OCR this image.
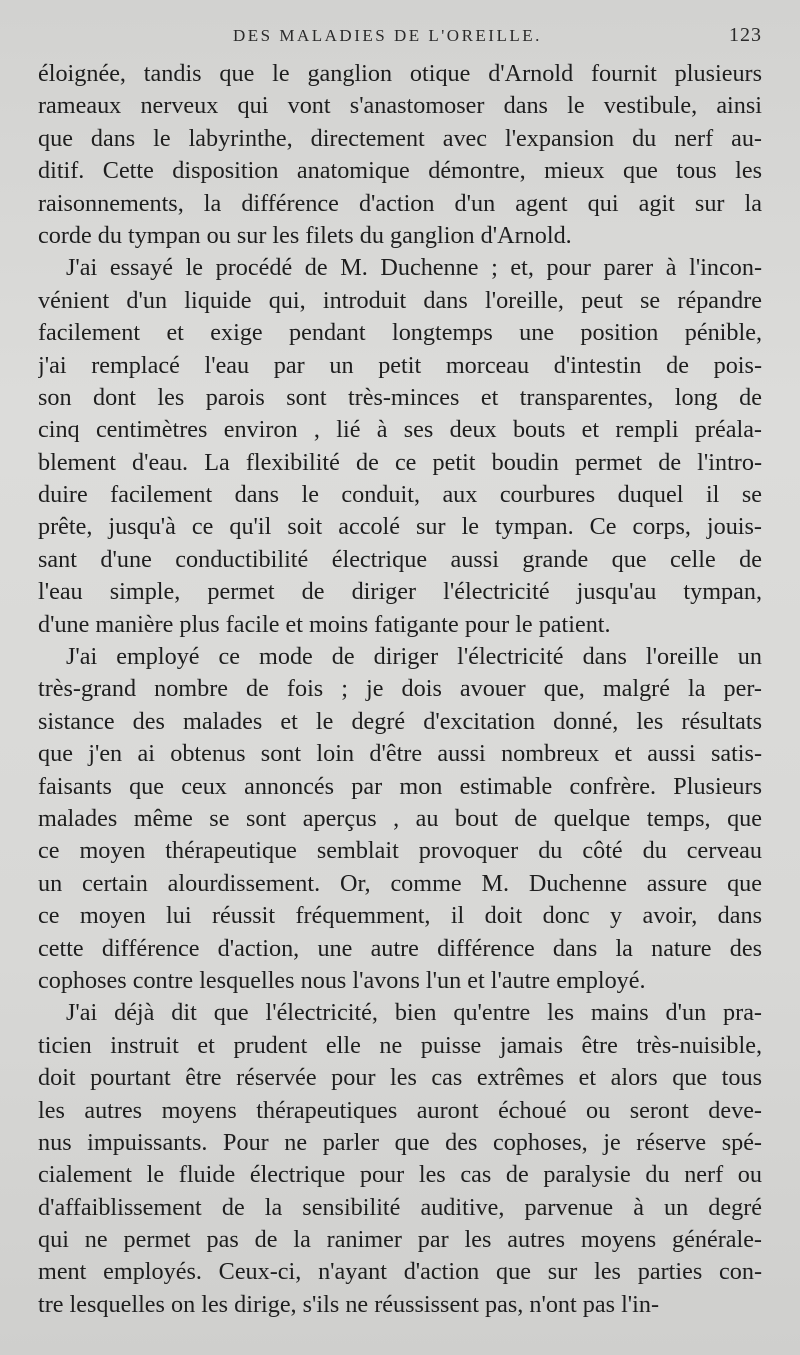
DES MALADIES DE L'OREILLE.	123
éloignée, tandis que le ganglion otique d'Arnold fournit plusieurs
rameaux nerveux qui vont s'anastomoser dans le vestibule, ainsi
que dans le labyrinthe, directement avec l'expansion du nerf au-
ditif. Cette disposition anatomique démontre, mieux que tous les
raisonnements, la différence d'action d'un agent qui agit sur la
corde du tympan ou sur les filets du ganglion d'Arnold.
J'ai essayé le procédé de M. Duchenne ; et, pour parer à l'incon-
vénient d'un liquide qui, introduit dans l'oreille, peut se répandre
facilement et exige pendant longtemps une position pénible,
j'ai remplacé l'eau par un petit morceau d'intestin de pois-
son dont les parois sont très-minces et transparentes, long de
cinq centimètres environ , lié à ses deux bouts et rempli préala-
blement d'eau. La flexibilité de ce petit boudin permet de l'intro-
duire facilement dans le conduit, aux courbures duquel il se
prête, jusqu'à ce qu'il soit accolé sur le tympan. Ce corps, jouis-
sant d'une conductibilité électrique aussi grande que celle de
l'eau simple, permet de diriger l'électricité jusqu'au tympan,
d'une manière plus facile et moins fatigante pour le patient.
J'ai employé ce mode de diriger l'électricité dans l'oreille un
très-grand nombre de fois ; je dois avouer que, malgré la per-
sistance des malades et le degré d'excitation donné, les résultats
que j'en ai obtenus sont loin d'être aussi nombreux et aussi satis-
faisants que ceux annoncés par mon estimable confrère. Plusieurs
malades même se sont aperçus , au bout de quelque temps, que
ce moyen thérapeutique semblait provoquer du côté du cerveau
un certain alourdissement. Or, comme M. Duchenne assure que
ce moyen lui réussit fréquemment, il doit donc y avoir, dans
cette différence d'action, une autre différence dans la nature des
cophoses contre lesquelles nous l'avons l'un et l'autre employé.
J'ai déjà dit que l'électricité, bien qu'entre les mains d'un pra-
ticien instruit et prudent elle ne puisse jamais être très-nuisible,
doit pourtant être réservée pour les cas extrêmes et alors que tous
les autres moyens thérapeutiques auront échoué ou seront deve-
nus impuissants. Pour ne parler que des cophoses, je réserve spé-
cialement le fluide électrique pour les cas de paralysie du nerf ou
d'affaiblissement de la sensibilité auditive, parvenue à un degré
qui ne permet pas de la ranimer par les autres moyens générale-
ment employés. Ceux-ci, n'ayant d'action que sur les parties con-
tre lesquelles on les dirige, s'ils ne réussissent pas, n'ont pas l'in-
